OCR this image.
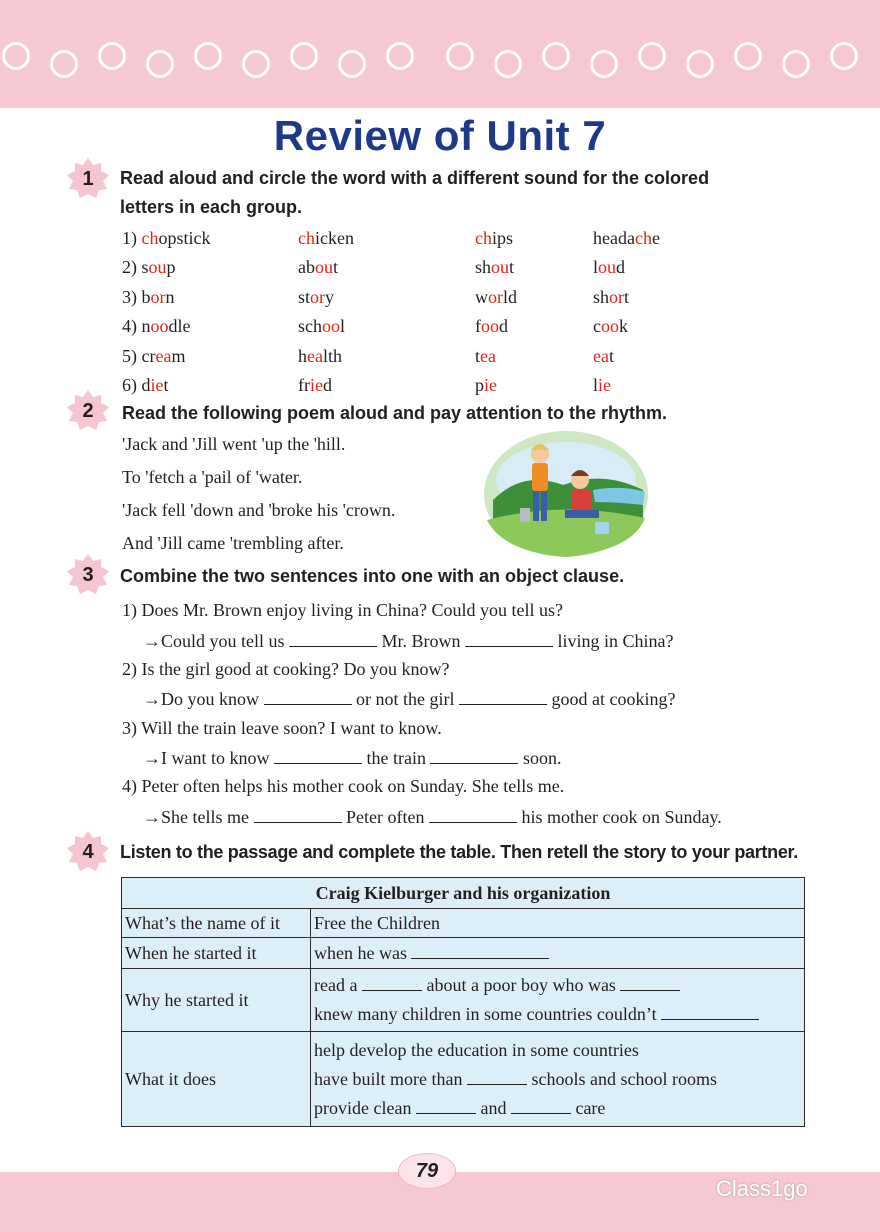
Review of Unit 7
1	Read aloud and circle the word with a different sound for the colored
letters in each group.
1) chopstick	chicken	chips	headache
2) soup	about	shout	loud
3) born	story	world	short
4) noodle	school	food	cook
5) cream	health	tea	eat
6) diet	fried	pie	lie
2	Read the following poem aloud and pay attention to the rhythm.
'Jack and 'Jill went 'up the 'hill.
To 'fetch a 'pail of 'water.
'Jack fell 'down and 'broke his 'crown.
And 'Jill came 'trembling after.
3	Combine the two sentences into one with an object clause.
1) Does Mr. Brown enjoy living in China? Could you tell us?
→Could you tell us	Mr. Brown	living in China?
2) Is the girl good at cooking? Do you know?
→Do you know	or not the girl	good at cooking?
3) Will the train leave soon? I want to know.
→I want to know	the train	soon.
4) Peter often helps his mother cook on Sunday. She tells me.
→She tells me	Peter often	his mother cook on Sunday.
4	Listen to the passage and complete the table. Then retell the story to your partner.
Craig Kielburger and his organization	
What’s the name of it	Free the Children
When he started it	when he was
Why he started it	read a about a poor boy who was
knew many children in some countries couldn’t

What it does	help develop the education in some countries
have built more than schools and school rooms
provide clean and care
79
Class1go
